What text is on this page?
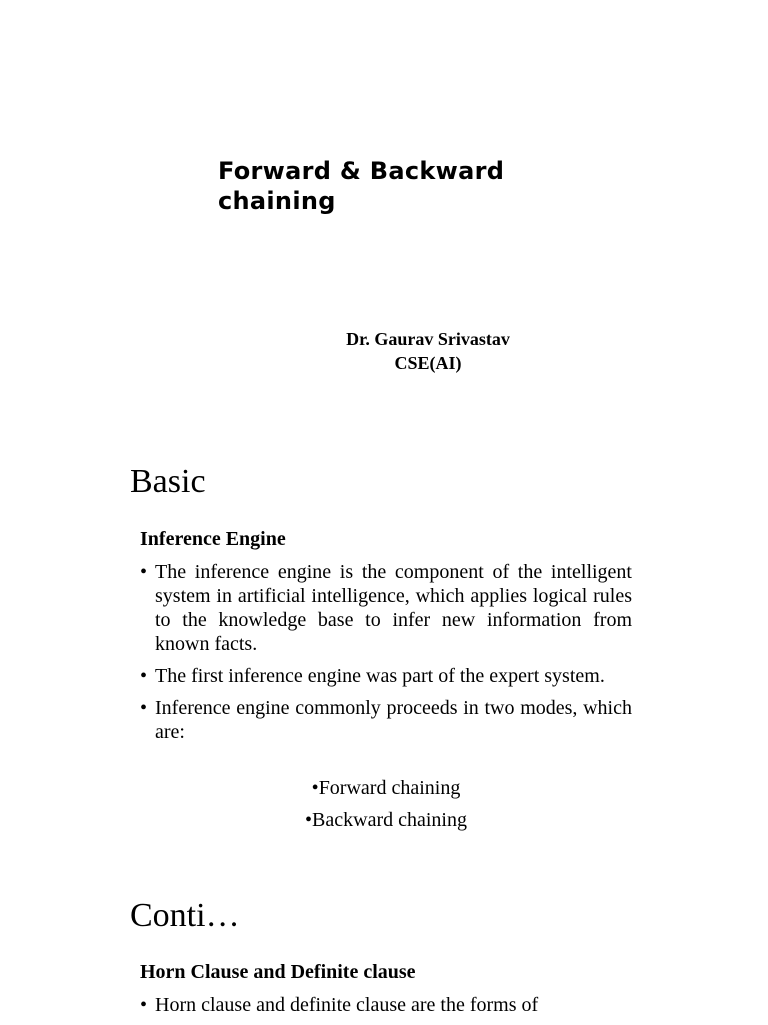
Forward & Backward chaining

Dr. Gaurav Srivastav

CSE(AI)

Basic
Inference Engine
• The inference engine is the component of the intelligent system in artificial intelligence, which applies logical rules to the knowledge base to infer new information from known facts.
• The first inference engine was part of the expert system.
• Inference engine commonly proceeds in two modes, which are:
• Forward chaining
• Backward chaining
Conti…
Horn Clause and Definite clause
• Horn clause and definite clause are the forms of
